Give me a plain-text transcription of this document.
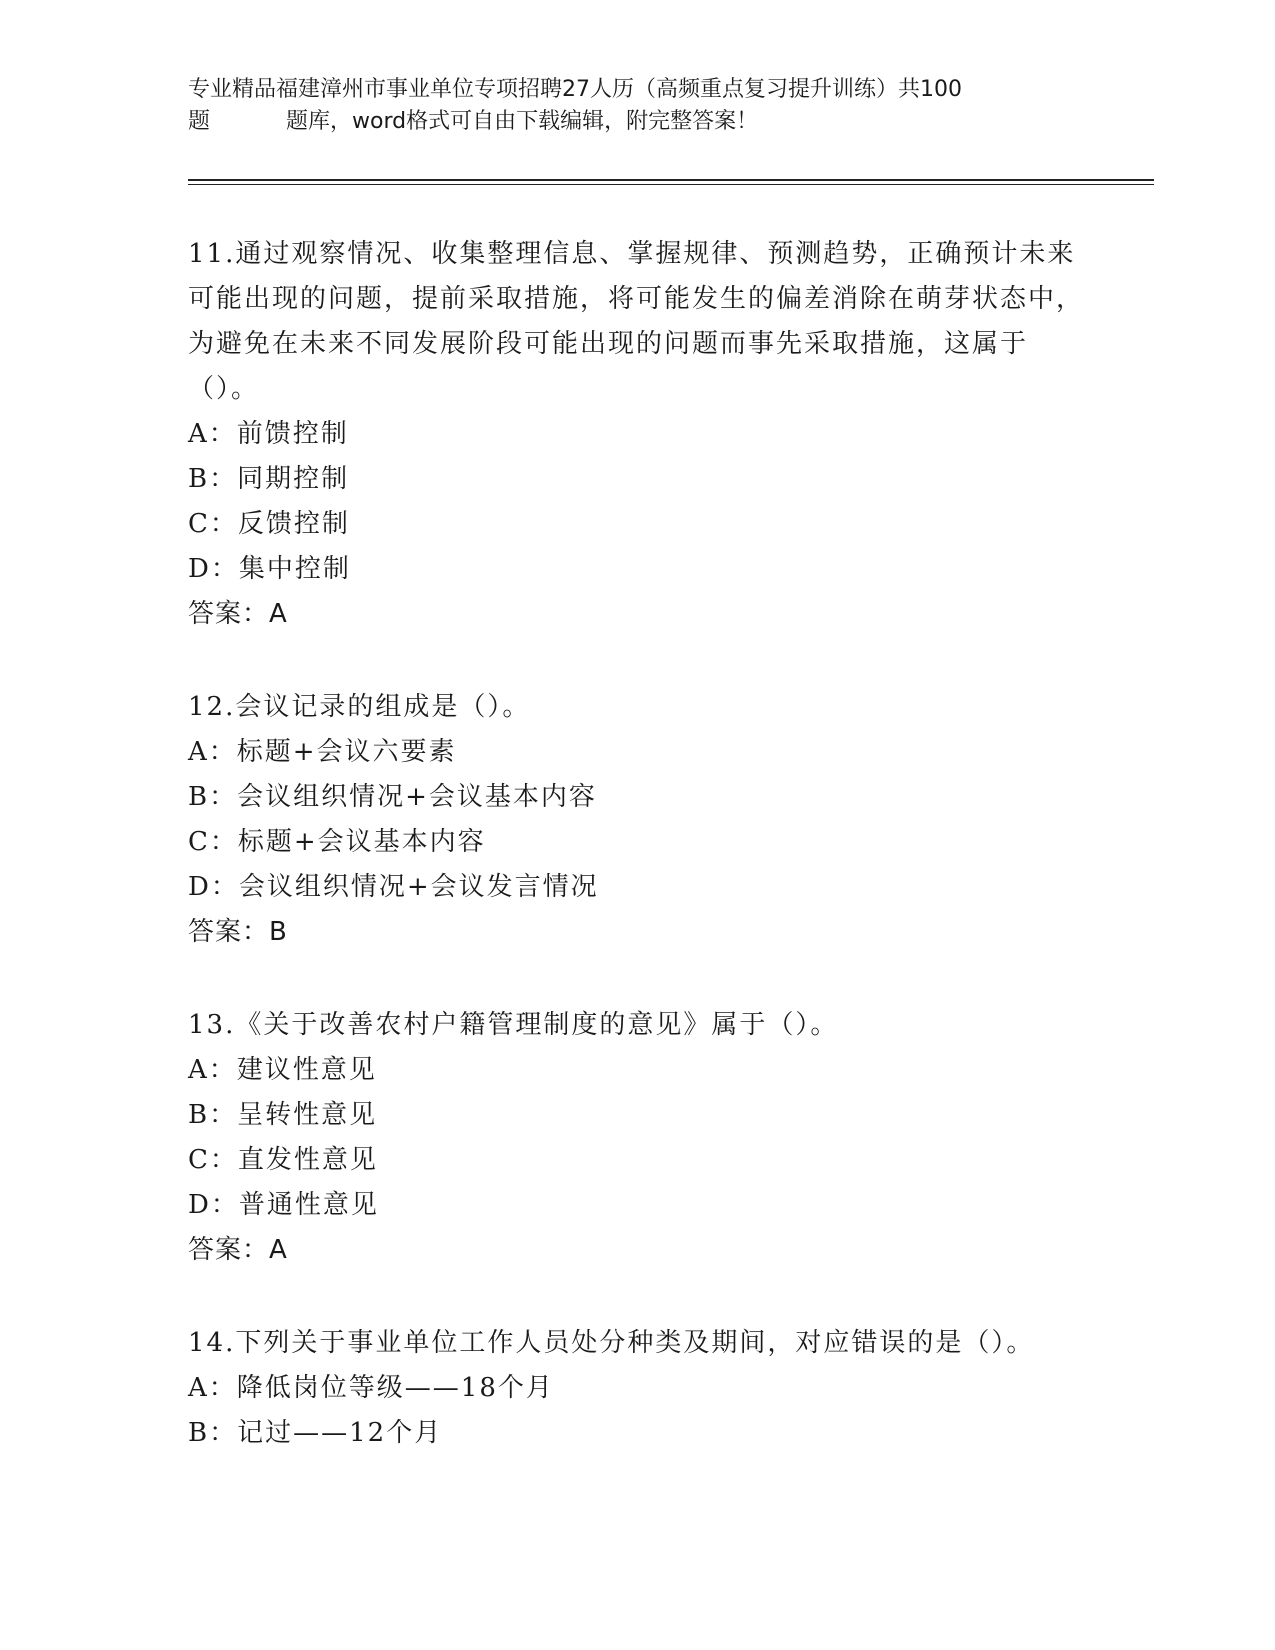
专业精品福建漳州市事业单位专项招聘27人历（高频重点复习提升训练）共100
题	题库，word格式可自由下载编辑，附完整答案！
11.通过观察情况、收集整理信息、掌握规律、预测趋势，正确预计未来可能出现的问题，提前采取措施，将可能发生的偏差消除在萌芽状态中，为避免在未来不同发展阶段可能出现的问题而事先采取措施，这属于（）。
A：前馈控制
B：同期控制
C：反馈控制
D：集中控制
答案：A
12.会议记录的组成是（）。
A：标题+会议六要素
B：会议组织情况+会议基本内容
C：标题+会议基本内容
D：会议组织情况+会议发言情况
答案：B
13.《关于改善农村户籍管理制度的意见》属于（）。
A：建议性意见
B：呈转性意见
C：直发性意见
D：普通性意见
答案：A
14.下列关于事业单位工作人员处分种类及期间，对应错误的是（）。
A：降低岗位等级——18个月
B：记过——12个月
